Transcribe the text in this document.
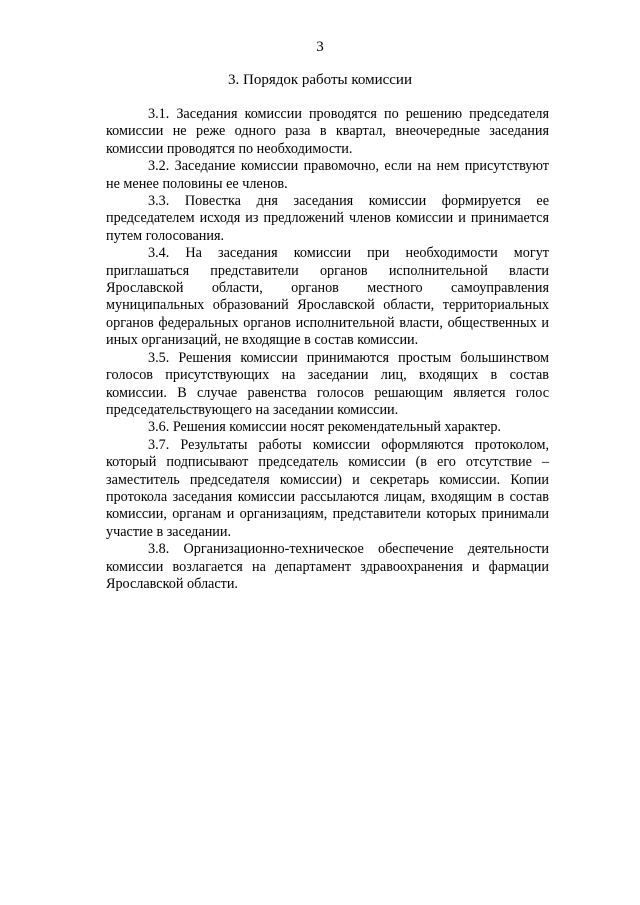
3

3. Порядок работы комиссии

3.1. Заседания комиссии проводятся по решению председателя комиссии не реже одного раза в квартал, внеочередные заседания комиссии проводятся по необходимости.

3.2. Заседание комиссии правомочно, если на нем присутствуют не менее половины ее членов.

3.3. Повестка дня заседания комиссии формируется ее председателем исходя из предложений членов комиссии и принимается путем голосования.

3.4. На заседания комиссии при необходимости могут приглашаться представители органов исполнительной власти Ярославской области, органов местного самоуправления муниципальных образований Ярославской области, территориальных органов федеральных органов исполнительной власти, общественных и иных организаций, не входящие в состав комиссии.

3.5. Решения комиссии принимаются простым большинством голосов присутствующих на заседании лиц, входящих в состав комиссии. В случае равенства голосов решающим является голос председательствующего на заседании комиссии.

3.6. Решения комиссии носят рекомендательный характер.

3.7. Результаты работы комиссии оформляются протоколом, который подписывают председатель комиссии (в его отсутствие – заместитель председателя комиссии) и секретарь комиссии. Копии протокола заседания комиссии рассылаются лицам, входящим в состав комиссии, органам и организациям, представители которых принимали участие в заседании.

3.8. Организационно-техническое обеспечение деятельности комиссии возлагается на департамент здравоохранения и фармации Ярославской области.
